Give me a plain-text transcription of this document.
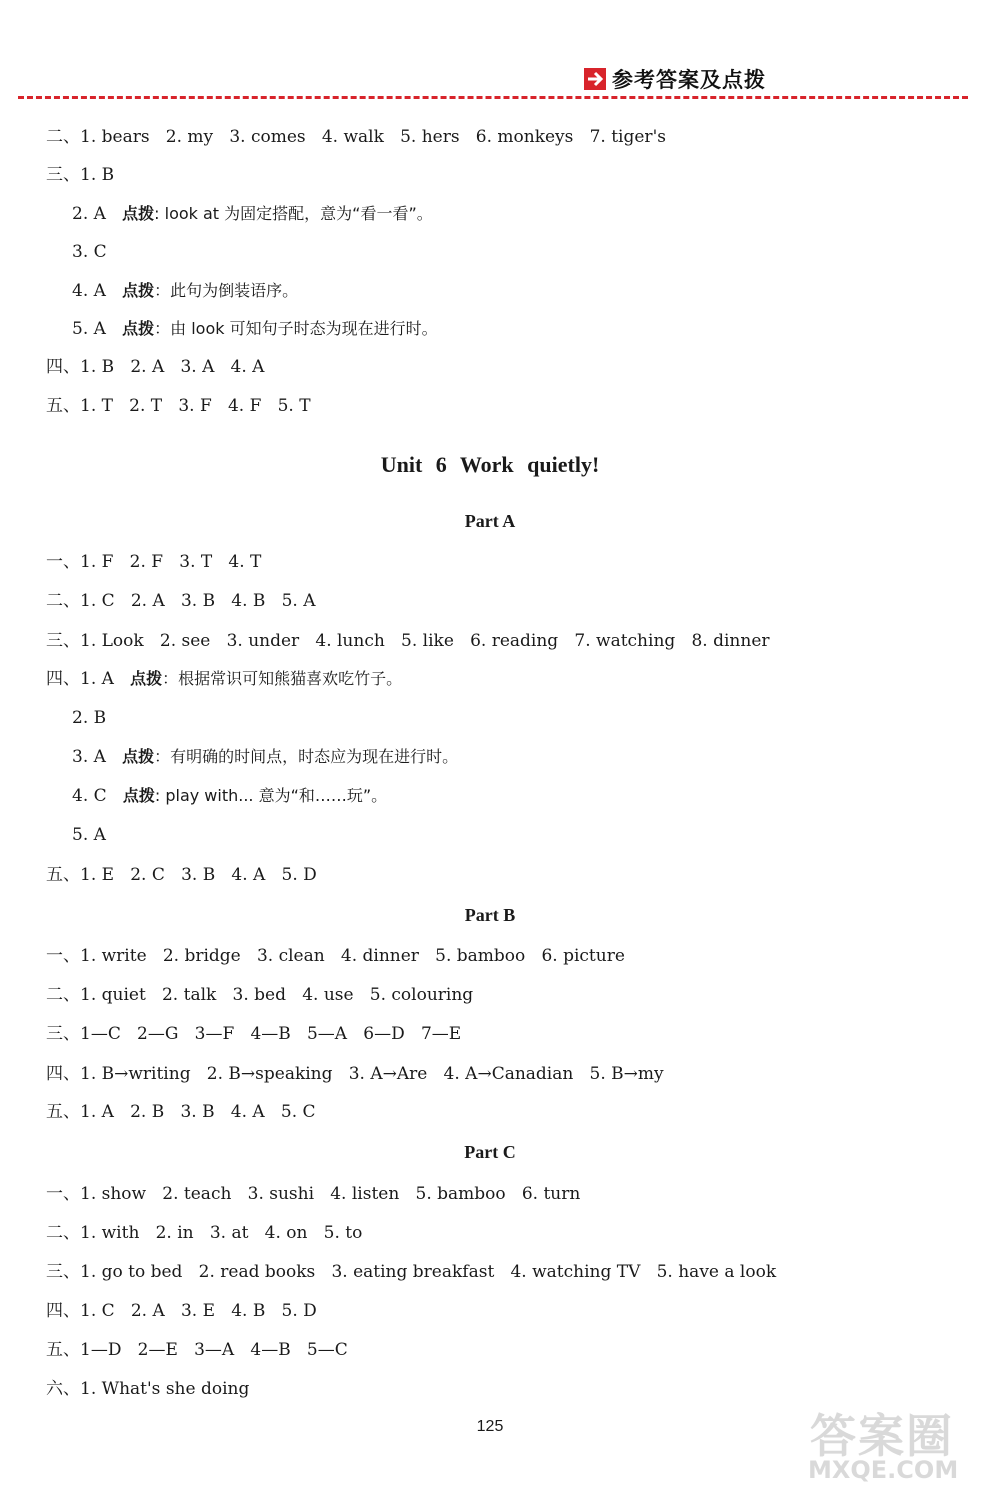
参考答案及点拨
二、1. bears   2. my   3. comes   4. walk   5. hers   6. monkeys   7. tiger's
三、1. B
2. A   点拨: look at 为固定搭配，意为“看一看”。
3. C
4. A   点拨：此句为倒装语序。
5. A   点拨：由 look 可知句子时态为现在进行时。
四、1. B   2. A   3. A   4. A
五、1. T   2. T   3. F   4. F   5. T
Unit 6 Work quietly!
Part A
一、1. F   2. F   3. T   4. T
二、1. C   2. A   3. B   4. B   5. A
三、1. Look   2. see   3. under   4. lunch   5. like   6. reading   7. watching   8. dinner
四、1. A   点拨：根据常识可知熊猫喜欢吃竹子。
2. B
3. A   点拨：有明确的时间点，时态应为现在进行时。
4. C   点拨: play with... 意为“和……玩”。
5. A
五、1. E   2. C   3. B   4. A   5. D
Part B
一、1. write   2. bridge   3. clean   4. dinner   5. bamboo   6. picture
二、1. quiet   2. talk   3. bed   4. use   5. colouring
三、1—C   2—G   3—F   4—B   5—A   6—D   7—E
四、1. B→writing   2. B→speaking   3. A→Are   4. A→Canadian   5. B→my
五、1. A   2. B   3. B   4. A   5. C
Part C
一、1. show   2. teach   3. sushi   4. listen   5. bamboo   6. turn
二、1. with   2. in   3. at   4. on   5. to
三、1. go to bed   2. read books   3. eating breakfast   4. watching TV   5. have a look
四、1. C   2. A   3. E   4. B   5. D
五、1—D   2—E   3—A   4—B   5—C
六、1. What's she doing
125	答案圈
MXQE.COM
